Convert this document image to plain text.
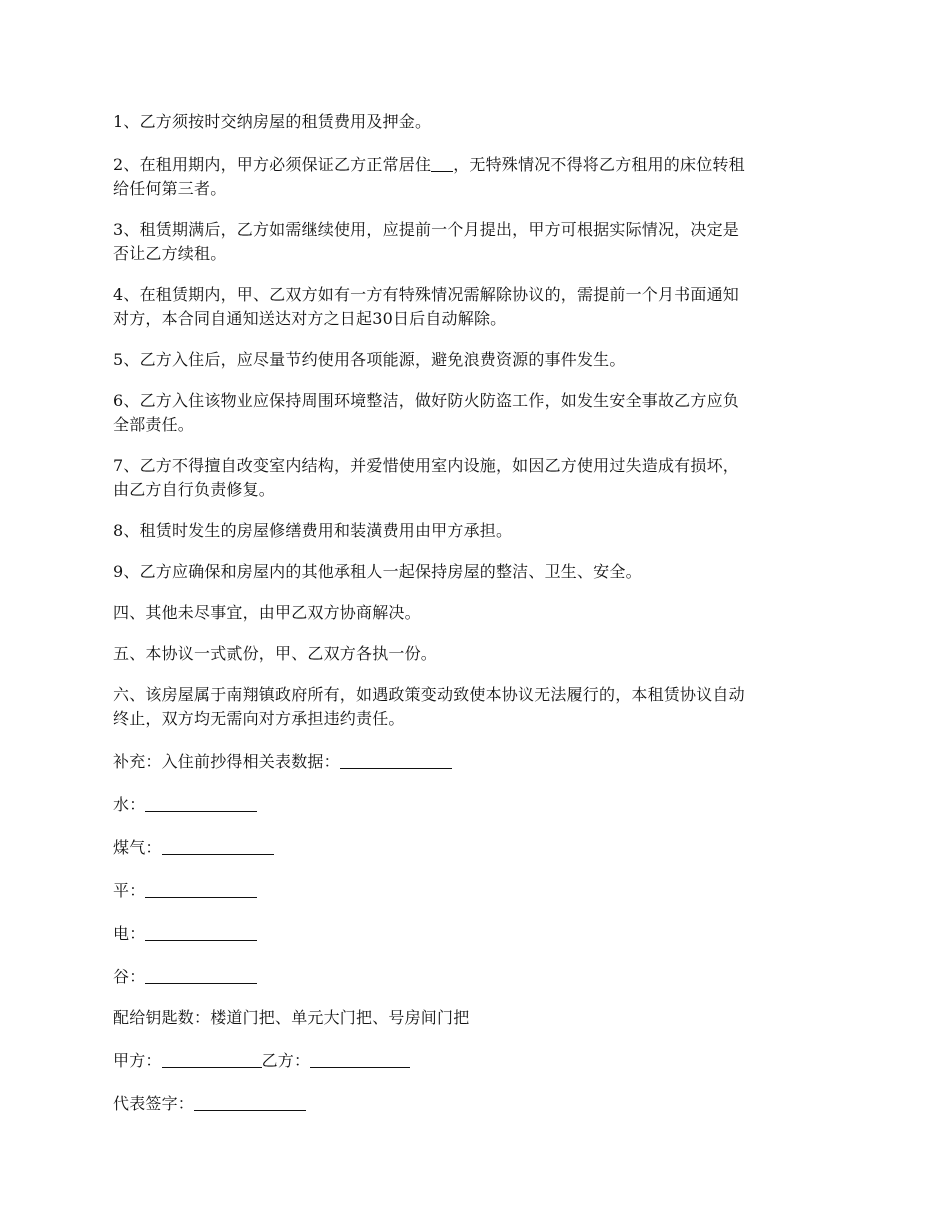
1、乙方须按时交纳房屋的租赁费用及押金。

2、在租用期内，甲方必须保证乙方正常居住 ，无特殊情况不得将乙方租用的床位转租
给任何第三者。

3、租赁期满后，乙方如需继续使用，应提前一个月提出，甲方可根据实际情况，决定是
否让乙方续租。

4、在租赁期内，甲、乙双方如有一方有特殊情况需解除协议的，需提前一个月书面通知
对方，本合同自通知送达对方之日起30日后自动解除。

5、乙方入住后，应尽量节约使用各项能源，避免浪费资源的事件发生。

6、乙方入住该物业应保持周围环境整洁，做好防火防盗工作，如发生安全事故乙方应负
全部责任。

7、乙方不得擅自改变室内结构，并爱惜使用室内设施，如因乙方使用过失造成有损坏，
由乙方自行负责修复。

8、租赁时发生的房屋修缮费用和装潢费用由甲方承担。

9、乙方应确保和房屋内的其他承租人一起保持房屋的整洁、卫生、安全。

四、其他未尽事宜，由甲乙双方协商解决。

五、本协议一式贰份，甲、乙双方各执一份。

六、该房屋属于南翔镇政府所有，如遇政策变动致使本协议无法履行的，本租赁协议自动
终止，双方均无需向对方承担违约责任。

补充：入住前抄得相关表数据：

水：

煤气：

平：

电：

谷：

配给钥匙数：楼道门把、单元大门把、号房间门把

甲方：	乙方：

代表签字：
